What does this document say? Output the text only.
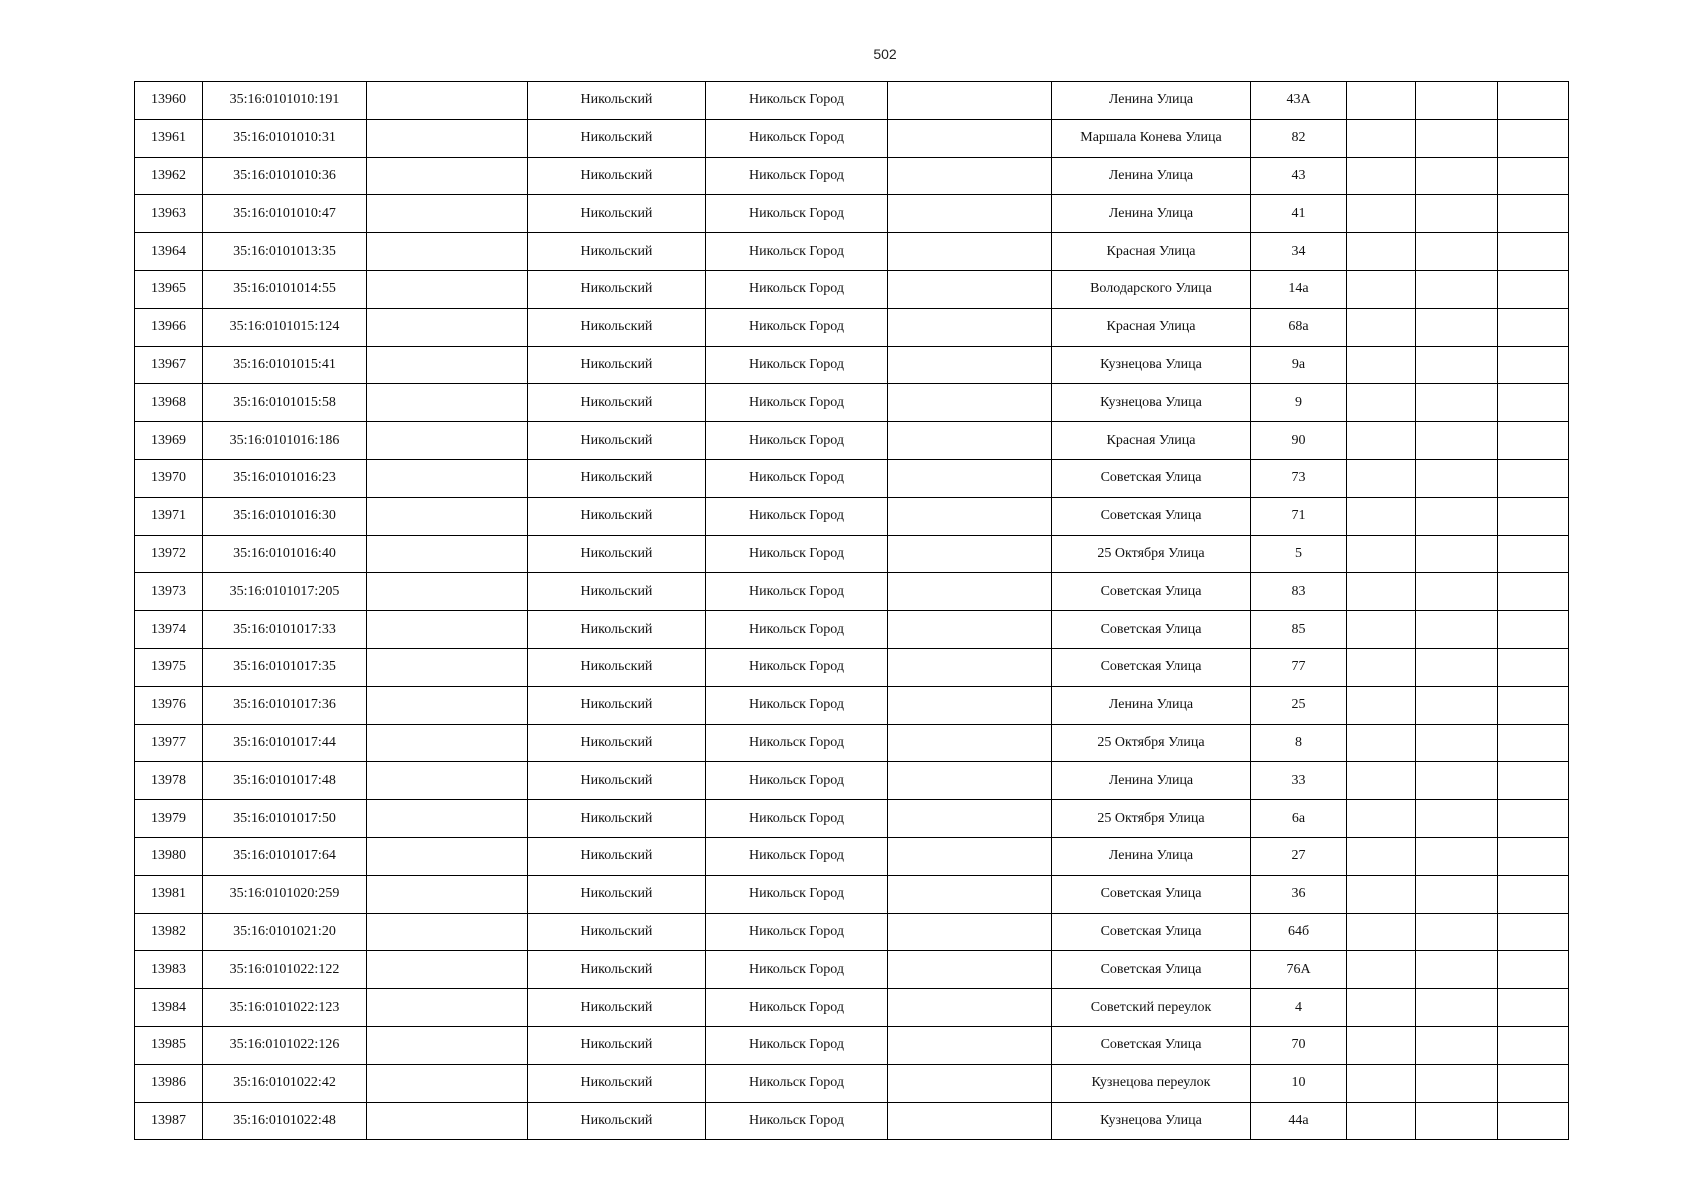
502
13960	35:16:0101010:191		Никольский	Никольск Город		Ленина Улица	43А			
13961	35:16:0101010:31		Никольский	Никольск Город		Маршала Конева Улица	82			
13962	35:16:0101010:36		Никольский	Никольск Город		Ленина Улица	43			
13963	35:16:0101010:47		Никольский	Никольск Город		Ленина Улица	41			
13964	35:16:0101013:35		Никольский	Никольск Город		Красная Улица	34			
13965	35:16:0101014:55		Никольский	Никольск Город		Володарского Улица	14а			
13966	35:16:0101015:124		Никольский	Никольск Город		Красная Улица	68а			
13967	35:16:0101015:41		Никольский	Никольск Город		Кузнецова Улица	9а			
13968	35:16:0101015:58		Никольский	Никольск Город		Кузнецова Улица	9			
13969	35:16:0101016:186		Никольский	Никольск Город		Красная Улица	90			
13970	35:16:0101016:23		Никольский	Никольск Город		Советская Улица	73			
13971	35:16:0101016:30		Никольский	Никольск Город		Советская Улица	71			
13972	35:16:0101016:40		Никольский	Никольск Город		25 Октября Улица	5			
13973	35:16:0101017:205		Никольский	Никольск Город		Советская Улица	83			
13974	35:16:0101017:33		Никольский	Никольск Город		Советская Улица	85			
13975	35:16:0101017:35		Никольский	Никольск Город		Советская Улица	77			
13976	35:16:0101017:36		Никольский	Никольск Город		Ленина Улица	25			
13977	35:16:0101017:44		Никольский	Никольск Город		25 Октября Улица	8			
13978	35:16:0101017:48		Никольский	Никольск Город		Ленина Улица	33			
13979	35:16:0101017:50		Никольский	Никольск Город		25 Октября Улица	6а			
13980	35:16:0101017:64		Никольский	Никольск Город		Ленина Улица	27			
13981	35:16:0101020:259		Никольский	Никольск Город		Советская Улица	36			
13982	35:16:0101021:20		Никольский	Никольск Город		Советская Улица	64б			
13983	35:16:0101022:122		Никольский	Никольск Город		Советская Улица	76А			
13984	35:16:0101022:123		Никольский	Никольск Город		Советский переулок	4			
13985	35:16:0101022:126		Никольский	Никольск Город		Советская Улица	70			
13986	35:16:0101022:42		Никольский	Никольск Город		Кузнецова переулок	10			
13987	35:16:0101022:48		Никольский	Никольск Город		Кузнецова Улица	44а			
